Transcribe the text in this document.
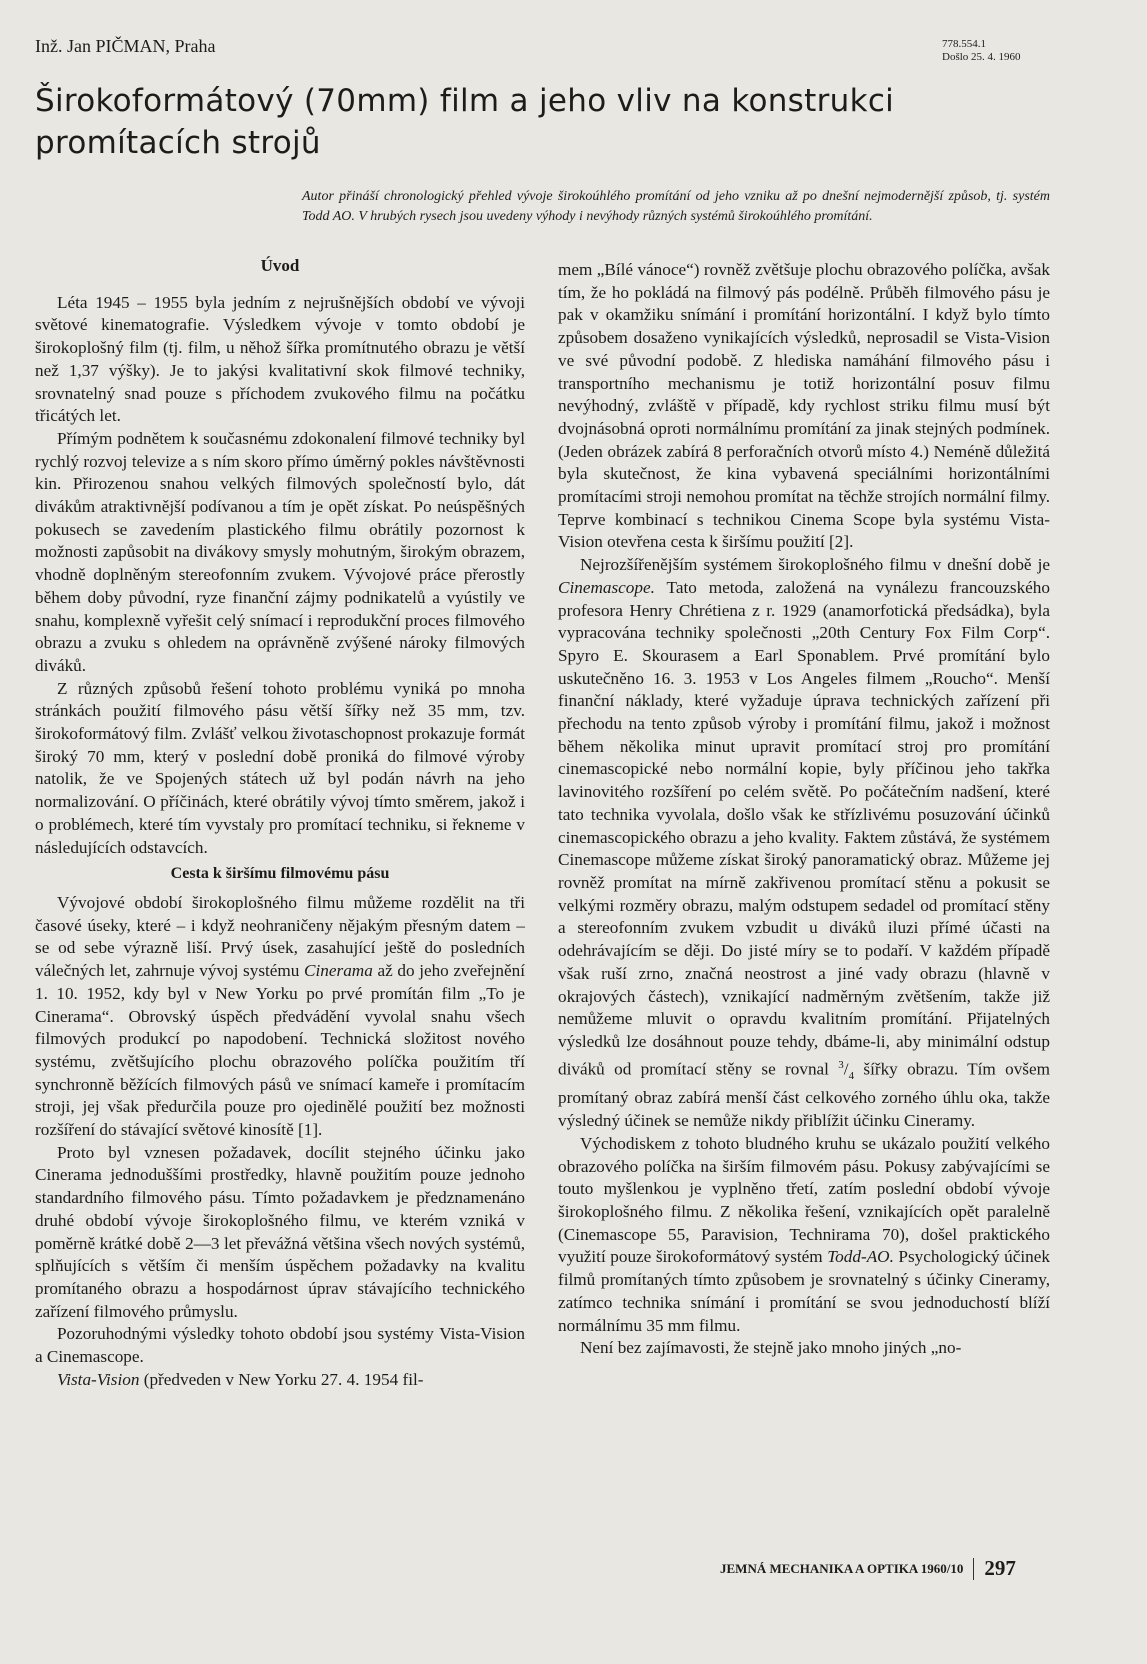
Inž. Jan PIČMAN, Praha	778.554.1
Došlo 25. 4. 1960
Širokoformátový (70mm) film a jeho vliv na konstrukci promítacích strojů
Autor přináší chronologický přehled vývoje širokoúhlého promítání od jeho vzniku až po dnešní nejmodernější způsob, tj. systém Todd AO. V hrubých rysech jsou uvedeny výhody i nevýhody různých systémů širokoúhlého promítání.
Úvod

Léta 1945 – 1955 byla jedním z nejrušnějších období ve vývoji světové kinematografie. Výsledkem vývoje v tomto období je širokoplošný film (tj. film, u něhož šířka promítnutého obrazu je větší než 1,37 výšky). Je to jakýsi kvalitativní skok filmové techniky, srovnatelný snad pouze s příchodem zvukového filmu na počátku třicátých let.

Přímým podnětem k současnému zdokonalení filmové techniky byl rychlý rozvoj televize a s ním skoro přímo úměrný pokles návštěvnosti kin. Přirozenou snahou velkých filmových společností bylo, dát divákům atraktivnější podívanou a tím je opět získat. Po neúspěšných pokusech se zavedením plastického filmu obrátily pozornost k možnosti zapůsobit na divákovy smysly mohutným, širokým obrazem, vhodně doplněným stereofonním zvukem. Vývojové práce přerostly během doby původní, ryze finanční zájmy podnikatelů a vyústily ve snahu, komplexně vyřešit celý snímací i reprodukční proces filmového obrazu a zvuku s ohledem na oprávněně zvýšené nároky filmových diváků.

Z různých způsobů řešení tohoto problému vyniká po mnoha stránkách použití filmového pásu větší šířky než 35 mm, tzv. širokoformátový film. Zvlášť velkou životaschopnost prokazuje formát široký 70 mm, který v poslední době proniká do filmové výroby natolik, že ve Spojených státech už byl podán návrh na jeho normalizování. O příčinách, které obrátily vývoj tímto směrem, jakož i o problémech, které tím vyvstaly pro promítací techniku, si řekneme v následujících odstavcích.

Cesta k širšímu filmovému pásu

Vývojové období širokoplošného filmu můžeme rozdělit na tři časové úseky, které – i když neohraničeny nějakým přesným datem – se od sebe výrazně liší. Prvý úsek, zasahující ještě do posledních válečných let, zahrnuje vývoj systému Cinerama až do jeho zveřejnění 1. 10. 1952, kdy byl v New Yorku po prvé promítán film „To je Cinerama“. Obrovský úspěch předvádění vyvolal snahu všech filmových produkcí po napodobení. Technická složitost nového systému, zvětšujícího plochu obrazového políčka použitím tří synchronně běžících filmových pásů ve snímací kameře i promítacím stroji, jej však předurčila pouze pro ojedinělé použití bez možnosti rozšíření do stávající světové kinosítě [1].

Proto byl vznesen požadavek, docílit stejného účinku jako Cinerama jednoduššími prostředky, hlavně použitím pouze jednoho standardního filmového pásu. Tímto požadavkem je předznamenáno druhé období vývoje širokoplošného filmu, ve kterém vzniká v poměrně krátké době 2—3 let převážná většina všech nových systémů, splňujících s větším či menším úspěchem požadavky na kvalitu promítaného obrazu a hospodárnost úprav stávajícího technického zařízení filmového průmyslu.

Pozoruhodnými výsledky tohoto období jsou systémy Vista-Vision a Cinemascope.

Vista-Vision (předveden v New Yorku 27. 4. 1954 fil-

mem „Bílé vánoce“) rovněž zvětšuje plochu obrazového políčka, avšak tím, že ho pokládá na filmový pás podélně. Průběh filmového pásu je pak v okamžiku snímání i promítání horizontální. I když bylo tímto způsobem dosaženo vynikajících výsledků, neprosadil se Vista-Vision ve své původní podobě. Z hlediska namáhání filmového pásu i transportního mechanismu je totiž horizontální posuv filmu nevýhodný, zvláště v případě, kdy rychlost striku filmu musí být dvojnásobná oproti normálnímu promítání za jinak stejných podmínek. (Jeden obrázek zabírá 8 perforačních otvorů místo 4.) Neméně důležitá byla skutečnost, že kina vybavená speciálními horizontálními promítacími stroji nemohou promítat na těchže strojích normální filmy. Teprve kombinací s technikou Cinema Scope byla systému Vista-Vision otevřena cesta k širšímu použití [2].

Nejrozšířenějším systémem širokoplošného filmu v dnešní době je Cinemascope. Tato metoda, založená na vynálezu francouzského profesora Henry Chrétiena z r. 1929 (anamorfotická předsádka), byla vypracována techniky společnosti „20th Century Fox Film Corp“. Spyro E. Skourasem a Earl Sponablem. Prvé promítání bylo uskutečněno 16. 3. 1953 v Los Angeles filmem „Roucho“. Menší finanční náklady, které vyžaduje úprava technických zařízení při přechodu na tento způsob výroby i promítání filmu, jakož i možnost během několika minut upravit promítací stroj pro promítání cinemascopické nebo normální kopie, byly příčinou jeho takřka lavinovitého rozšíření po celém světě. Po počátečním nadšení, které tato technika vyvolala, došlo však ke střízlivému posuzování účinků cinemascopického obrazu a jeho kvality. Faktem zůstává, že systémem Cinemascope můžeme získat široký panoramatický obraz. Můžeme jej rovněž promítat na mírně zakřivenou promítací stěnu a pokusit se velkými rozměry obrazu, malým odstupem sedadel od promítací stěny a stereofonním zvukem vzbudit u diváků iluzi přímé účasti na odehrávajícím se ději. Do jisté míry se to podaří. V každém případě však ruší zrno, značná neostrost a jiné vady obrazu (hlavně v okrajových částech), vznikající nadměrným zvětšením, takže již nemůžeme mluvit o opravdu kvalitním promítání. Přijatelných výsledků lze dosáhnout pouze tehdy, dbáme-li, aby minimální odstup diváků od promítací stěny se rovnal $^3/_4$ šířky obrazu. Tím ovšem promítaný obraz zabírá menší část celkového zorného úhlu oka, takže výsledný účinek se nemůže nikdy přiblížit účinku Cineramy.

Východiskem z tohoto bludného kruhu se ukázalo použití velkého obrazového políčka na širším filmovém pásu. Pokusy zabývajícími se touto myšlenkou je vyplněno třetí, zatím poslední období vývoje širokoplošného filmu. Z několika řešení, vznikajících opět paralelně (Cinemascope 55, Paravision, Technirama 70), došel praktického využití pouze širokoformátový systém Todd-AO. Psychologický účinek filmů promítaných tímto způsobem je srovnatelný s účinky Cineramy, zatímco technika snímání i promítání se svou jednoduchostí blíží normálnímu 35 mm filmu.

Není bez zajímavosti, že stejně jako mnoho jiných „no-

JEMNÁ MECHANIKA A OPTIKA 1960/10 297
